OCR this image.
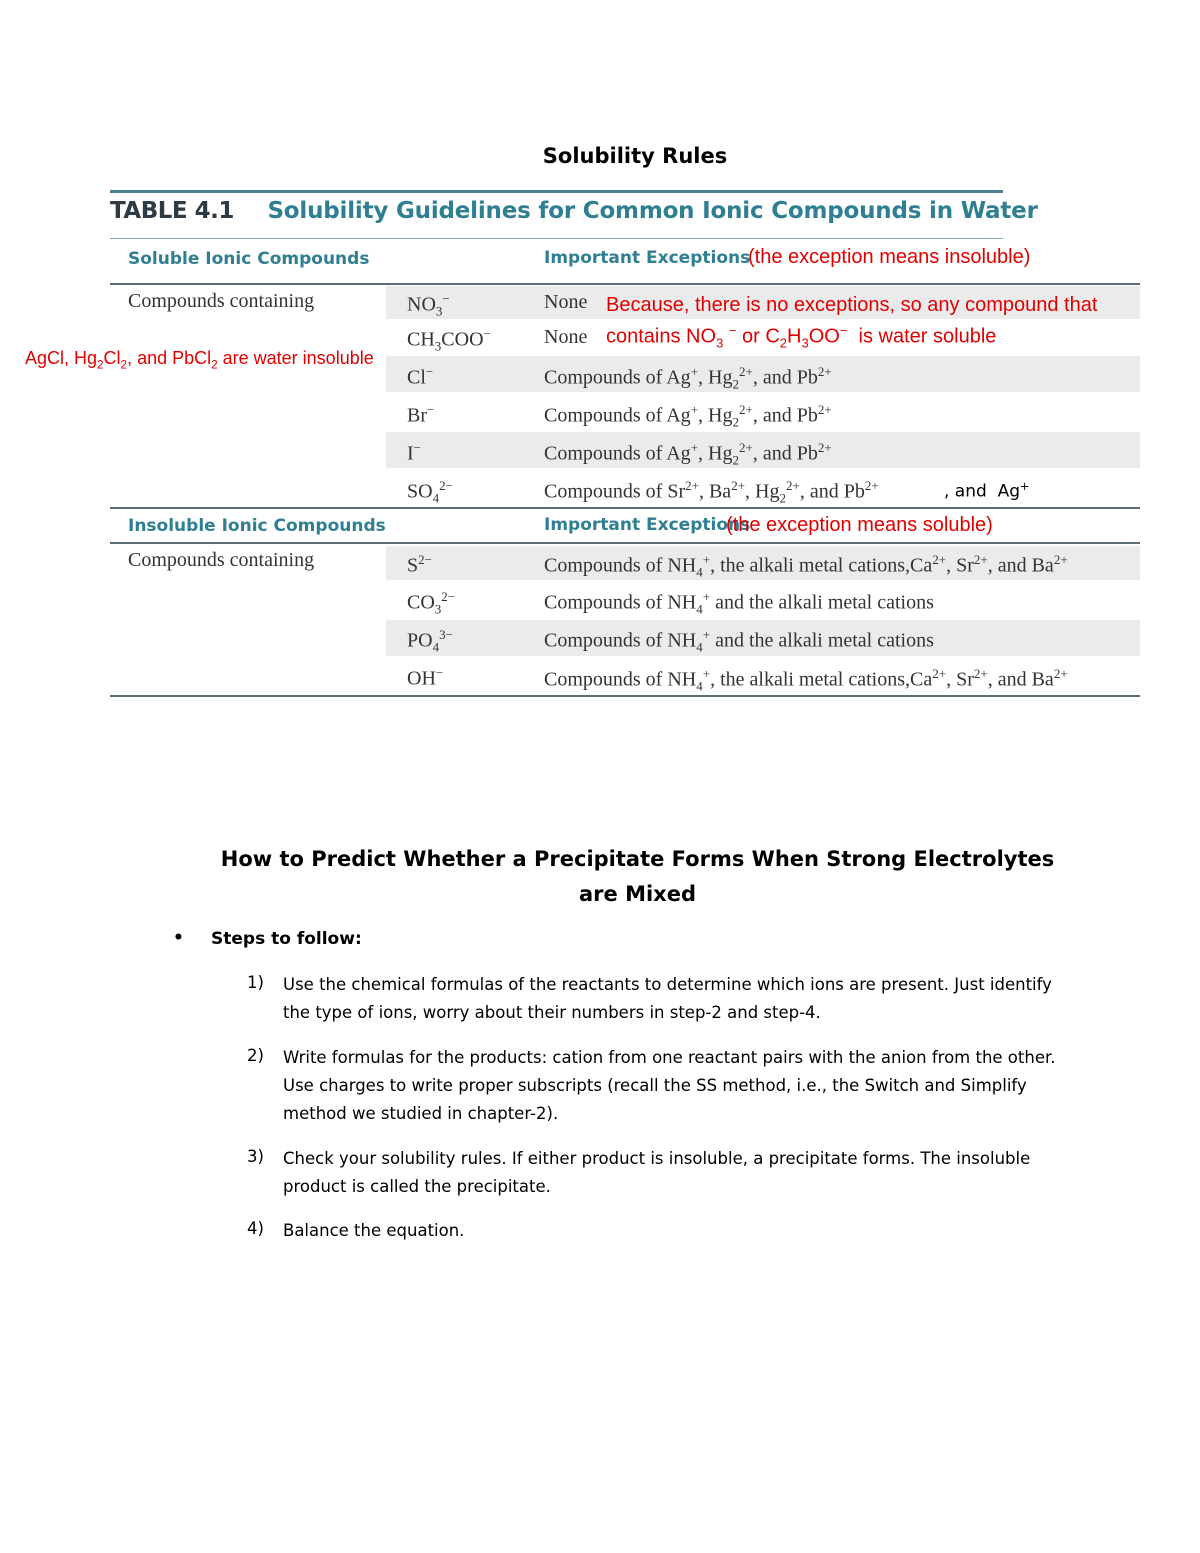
Solubility Rules
TABLE 4.1 Solubility Guidelines for Common Ionic Compounds in Water
Soluble Ionic Compounds	Important Exceptions
(the exception means insoluble)
Compounds containing	$NO_3^-$	None
$CH_3COO^-$	None
Because, there is no exceptions, so any compound that
contains $NO_3$ − or $C_2H_3OO^-$  is water soluble
AgCl, $Hg_2Cl_2$, and PbCl$_2$ are water insoluble
Cl−	Compounds of Ag+, $Hg_2^{2+}$, and $Pb^{2+}$
Br−	Compounds of Ag+, $Hg_2^{2+}$, and $Pb^{2+}$
I−	Compounds of Ag+, $Hg_2^{2+}$, and $Pb^{2+}$
$SO_4^{2-}$	Compounds of $Sr^{2+}$, $Ba^{2+}$, $Hg_2^{2+}$, and $Pb^{2+}$	, and  Ag+
Insoluble Ionic Compounds	Important Exceptions
(the exception means soluble)
Compounds containing	$S^{2-}$	Compounds of $NH_4^+$, the alkali metal $cations,Ca^{2+}$, $Sr^{2+}$, and $Ba^{2+}$
$CO_3^{2-}$	Compounds of $NH_4^+$ and the alkali metal cations
$PO_4^{3-}$	Compounds of $NH_4^+$ and the alkali metal cations
OH−	Compounds of $NH_4^+$, the alkali metal $cations,Ca^{2+}$, $Sr^{2+}$, and $Ba^{2+}$
How to Predict Whether a Precipitate Forms When Strong Electrolytes
are Mixed
• Steps to follow:
1) Use the chemical formulas of the reactants to determine which ions are present. Just identify the type of ions, worry about their numbers in step-2 and step-4.
2) Write formulas for the products: cation from one reactant pairs with the anion from the other. Use charges to write proper subscripts (recall the SS method, i.e., the Switch and Simplify method we studied in chapter-2).
3) Check your solubility rules. If either product is insoluble, a precipitate forms. The insoluble product is called the precipitate.
4) Balance the equation.
